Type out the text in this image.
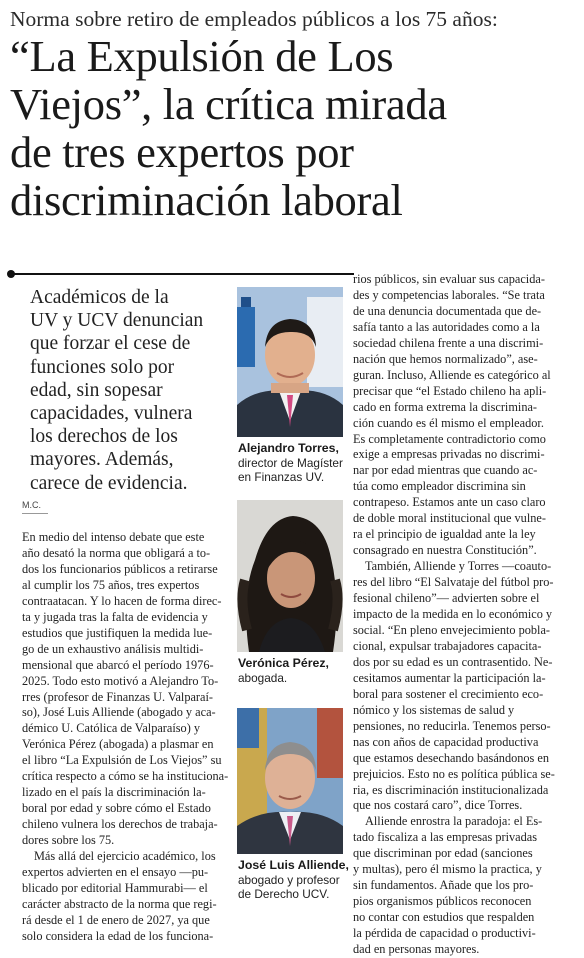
Norma sobre retiro de empleados públicos a los 75 años:
“La Expulsión de Los
Viejos”, la crítica mirada
de tres expertos por
discriminación laboral
Académicos de la
UV y UCV denuncian
que forzar el cese de
funciones solo por
edad, sin sopesar
capacidades, vulnera
los derechos de los
mayores. Además,
carece de evidencia.
M.C.
En medio del intenso debate que este
año desató la norma que obligará a to-
dos los funcionarios públicos a retirarse
al cumplir los 75 años, tres expertos
contraatacan. Y lo hacen de forma direc-
ta y jugada tras la falta de evidencia y
estudios que justifiquen la medida lue-
go de un exhaustivo análisis multidi-
mensional que abarcó el período 1976-
2025. Todo esto motivó a Alejandro To-
rres (profesor de Finanzas U. Valparaí-
so), José Luis Alliende (abogado y aca-
démico U. Católica de Valparaíso) y
Verónica Pérez (abogada) a plasmar en
el libro “La Expulsión de Los Viejos” su
crítica respecto a cómo se ha instituciona-
lizado en el país la discriminación la-
boral por edad y sobre cómo el Estado
chileno vulnera los derechos de trabaja-
dores sobre los 75.
Más allá del ejercicio académico, los
expertos advierten en el ensayo —pu-
blicado por editorial Hammurabi— el
carácter abstracto de la norma que regi-
rá desde el 1 de enero de 2027, ya que
solo considera la edad de los funciona-
Alejandro Torres,
director de Magíster
en Finanzas UV.
Verónica Pérez,
abogada.
José Luis Alliende,
abogado y profesor
de Derecho UCV.
rios públicos, sin evaluar sus capacida-
des y competencias laborales. “Se trata
de una denuncia documentada que de-
safía tanto a las autoridades como a la
sociedad chilena frente a una discrimi-
nación que hemos normalizado”, ase-
guran. Incluso, Alliende es categórico al
precisar que “el Estado chileno ha apli-
cado en forma extrema la discrimina-
ción cuando es él mismo el empleador.
Es completamente contradictorio como
exige a empresas privadas no discrimi-
nar por edad mientras que cuando ac-
túa como empleador discrimina sin
contrapeso. Estamos ante un caso claro
de doble moral institucional que vulne-
ra el principio de igualdad ante la ley
consagrado en nuestra Constitución”.
También, Alliende y Torres —coauto-
res del libro “El Salvataje del fútbol pro-
fesional chileno”— advierten sobre el
impacto de la medida en lo económico y
social. “En pleno envejecimiento pobla-
cional, expulsar trabajadores capacita-
dos por su edad es un contrasentido. Ne-
cesitamos aumentar la participación la-
boral para sostener el crecimiento eco-
nómico y los sistemas de salud y
pensiones, no reducirla. Tenemos perso-
nas con años de capacidad productiva
que estamos desechando basándonos en
prejuicios. Esto no es política pública se-
ria, es discriminación institucionalizada
que nos costará caro”, dice Torres.
Alliende enrostra la paradoja: el Es-
tado fiscaliza a las empresas privadas
que discriminan por edad (sanciones
y multas), pero él mismo la practica, y
sin fundamentos. Añade que los pro-
pios organismos públicos reconocen
no contar con estudios que respalden
la pérdida de capacidad o productivi-
dad en personas mayores.
